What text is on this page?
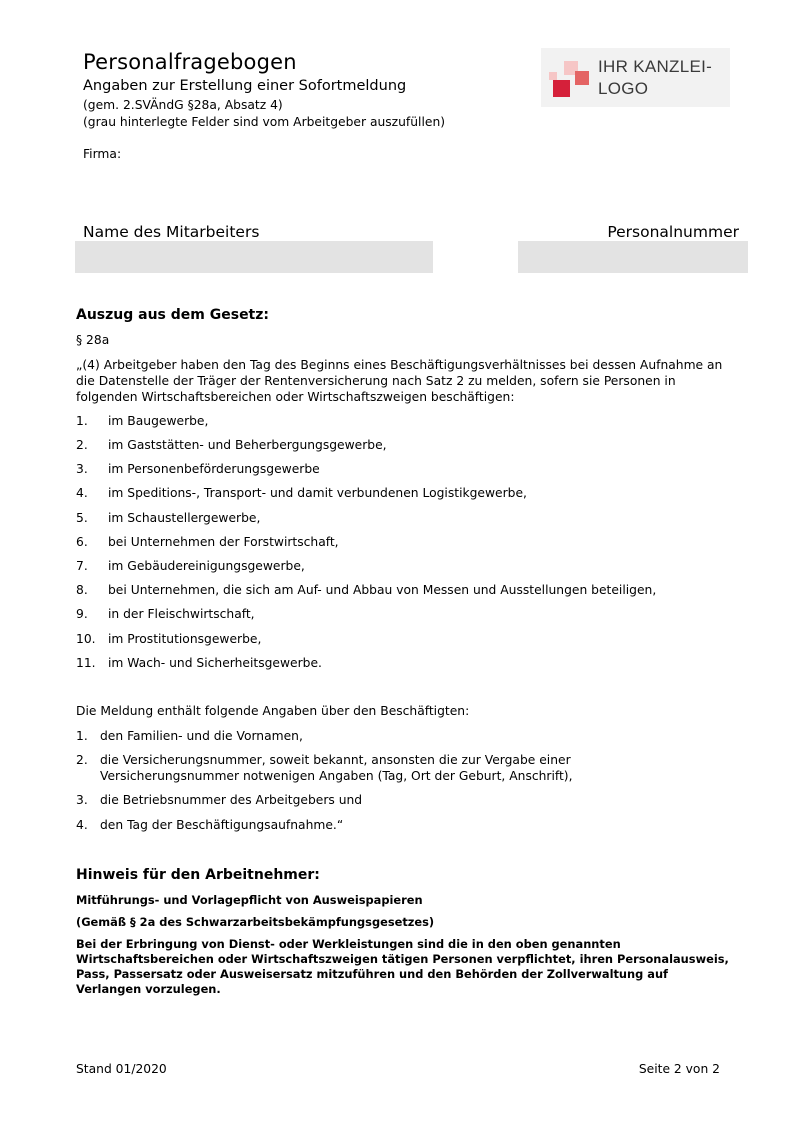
Personalfragebogen
Angaben zur Erstellung einer Sofortmeldung
(gem. 2.SVÄndG §28a, Absatz 4)
(grau hinterlegte Felder sind vom Arbeitgeber auszufüllen)
Firma:
IHR KANZLEI-
LOGO
Name des Mitarbeiters	Personalnummer
Auszug aus dem Gesetz:
§ 28a
„(4) Arbeitgeber haben den Tag des Beginns eines Beschäftigungsverhältnisses bei dessen Aufnahme an die Datenstelle der Träger der Rentenversicherung nach Satz 2 zu melden, sofern sie Personen in folgenden Wirtschaftsbereichen oder Wirtschaftszweigen beschäftigen:
1. im Baugewerbe,
2. im Gaststätten- und Beherbergungsgewerbe,
3. im Personenbeförderungsgewerbe
4. im Speditions-, Transport- und damit verbundenen Logistikgewerbe,
5. im Schaustellergewerbe,
6. bei Unternehmen der Forstwirtschaft,
7. im Gebäudereinigungsgewerbe,
8. bei Unternehmen, die sich am Auf- und Abbau von Messen und Ausstellungen beteiligen,
9. in der Fleischwirtschaft,
10. im Prostitutionsgewerbe,
11. im Wach- und Sicherheitsgewerbe.
Die Meldung enthält folgende Angaben über den Beschäftigten:
1. den Familien- und die Vornamen,
2. die Versicherungsnummer, soweit bekannt, ansonsten die zur Vergabe einer
Versicherungsnummer notwenigen Angaben (Tag, Ort der Geburt, Anschrift),
3. die Betriebsnummer des Arbeitgebers und
4. den Tag der Beschäftigungsaufnahme.“
Hinweis für den Arbeitnehmer:
Mitführungs- und Vorlagepflicht von Ausweispapieren
(Gemäß § 2a des Schwarzarbeitsbekämpfungsgesetzes)
Bei der Erbringung von Dienst- oder Werkleistungen sind die in den oben genannten Wirtschaftsbereichen oder Wirtschaftszweigen tätigen Personen verpflichtet, ihren Personalausweis, Pass, Passersatz oder Ausweisersatz mitzuführen und den Behörden der Zollverwaltung auf Verlangen vorzulegen.
Stand 01/2020	Seite 2 von 2
